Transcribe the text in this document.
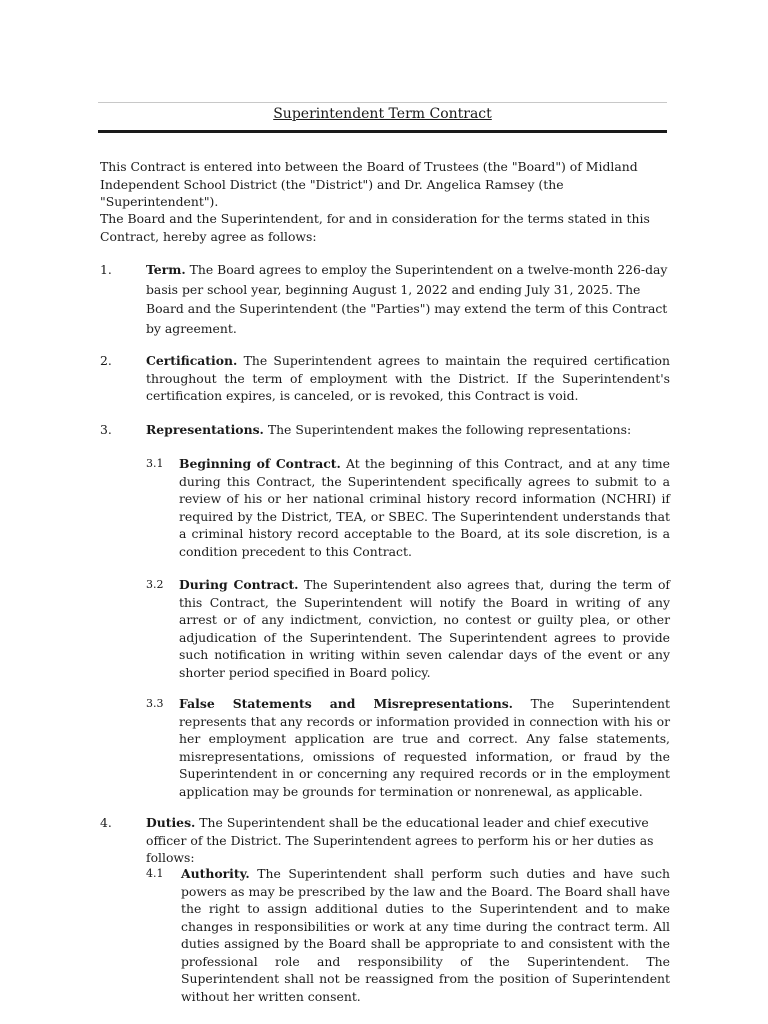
Superintendent Term Contract

This Contract is entered into between the Board of Trustees (the "Board") of Midland Independent School District (the "District") and Dr. Angelica Ramsey (the "Superintendent").

The Board and the Superintendent, for and in consideration for the terms stated in this Contract, hereby agree as follows:

1.	Term. The Board agrees to employ the Superintendent on a twelve-month 226-day basis per school year, beginning August 1, 2022 and ending July 31, 2025. The Board and the Superintendent (the "Parties") may extend the term of this Contract by agreement.
2.	Certification. The Superintendent agrees to maintain the required certification throughout the term of employment with the District. If the Superintendent's certification expires, is canceled, or is revoked, this Contract is void.
3.	Representations. The Superintendent makes the following representations:
3.1 Beginning of Contract. At the beginning of this Contract, and at any time during this Contract, the Superintendent specifically agrees to submit to a review of his or her national criminal history record information (NCHRI) if required by the District, TEA, or SBEC. The Superintendent understands that a criminal history record acceptable to the Board, at its sole discretion, is a condition precedent to this Contract.
3.2 During Contract. The Superintendent also agrees that, during the term of this Contract, the Superintendent will notify the Board in writing of any arrest or of any indictment, conviction, no contest or guilty plea, or other adjudication of the Superintendent. The Superintendent agrees to provide such notification in writing within seven calendar days of the event or any shorter period specified in Board policy.
3.3 False Statements and Misrepresentations. The Superintendent represents that any records or information provided in connection with his or her employment application are true and correct. Any false statements, misrepresentations, omissions of requested information, or fraud by the Superintendent in or concerning any required records or in the employment application may be grounds for termination or nonrenewal, as applicable.
4.	Duties. The Superintendent shall be the educational leader and chief executive officer of the District. The Superintendent agrees to perform his or her duties as follows:
4.1 Authority. The Superintendent shall perform such duties and have such powers as may be prescribed by the law and the Board. The Board shall have the right to assign additional duties to the Superintendent and to make changes in responsibilities or work at any time during the contract term. All duties assigned by the Board shall be appropriate to and consistent with the professional role and responsibility of the Superintendent. The Superintendent shall not be reassigned from the position of Superintendent without her written consent.
